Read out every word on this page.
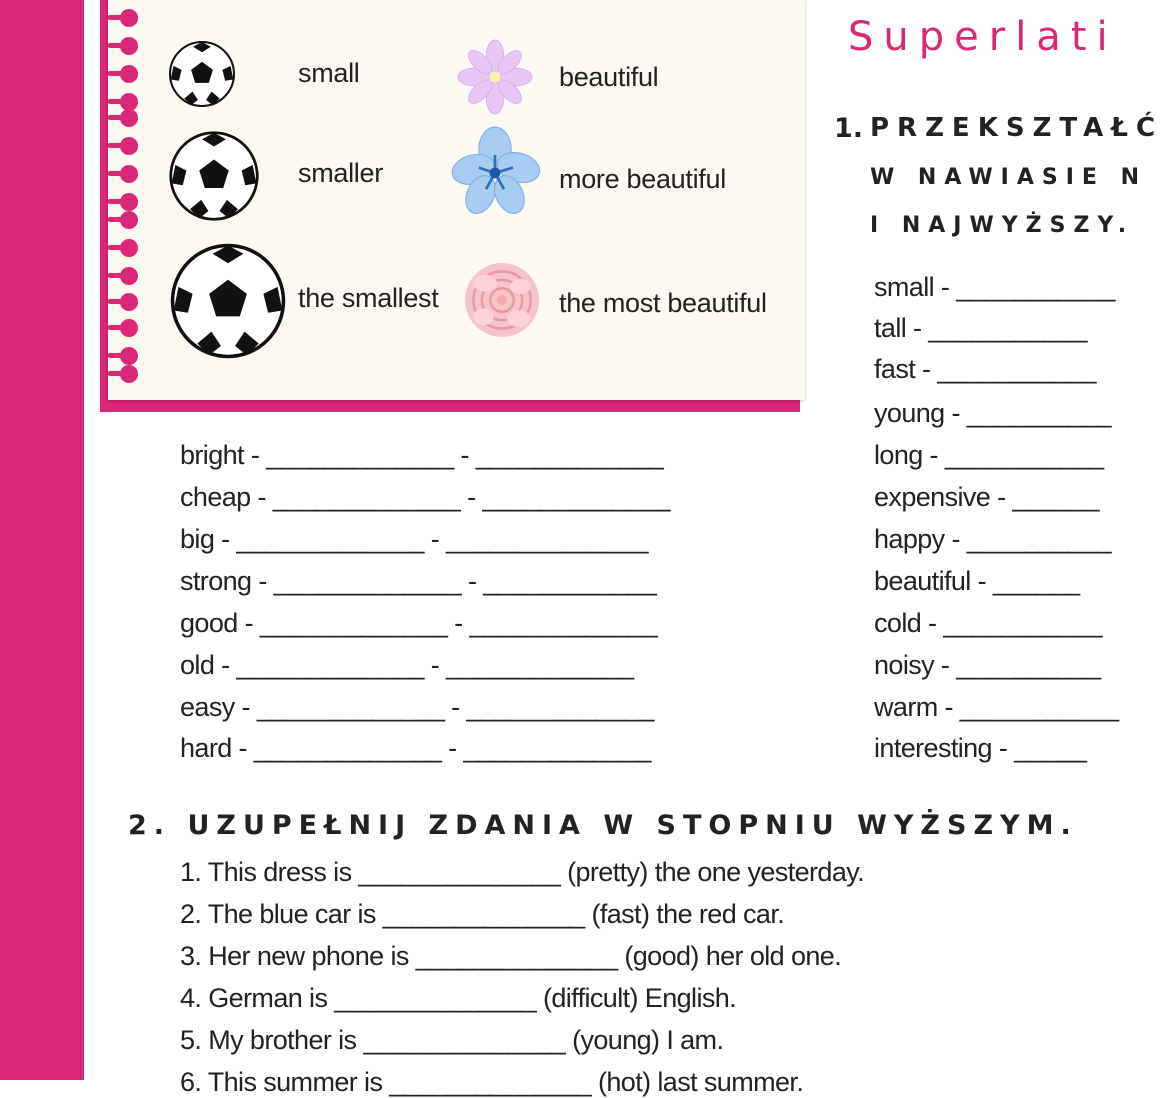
small
smaller
the smallest
beautiful
more beautiful
the most beautiful
Superlati
1. PRZEKSZTAŁĆ
W NAWIASIE N
I NAJWYŻSZY.
bright - _____________ - _____________
cheap - _____________ - _____________
big - _____________ - ______________
strong - _____________ - ____________
good - _____________ - _____________
old - _____________ - _____________
easy - _____________ - _____________
hard - _____________ - _____________
small - ___________
tall - ___________
fast - ___________
young - __________
long - ___________
expensive - ______
happy - __________
beautiful - ______
cold - ___________
noisy - __________
warm - ___________
interesting - _____
2. UZUPEŁNIJ ZDANIA W STOPNIU WYŻSZYM.
1. This dress is ______________ (pretty) the one yesterday.
2. The blue car is ______________ (fast) the red car.
3. Her new phone is ______________ (good) her old one.
4. German is ______________ (difficult) English.
5. My brother is ______________ (young) I am.
6. This summer is ______________ (hot) last summer.
